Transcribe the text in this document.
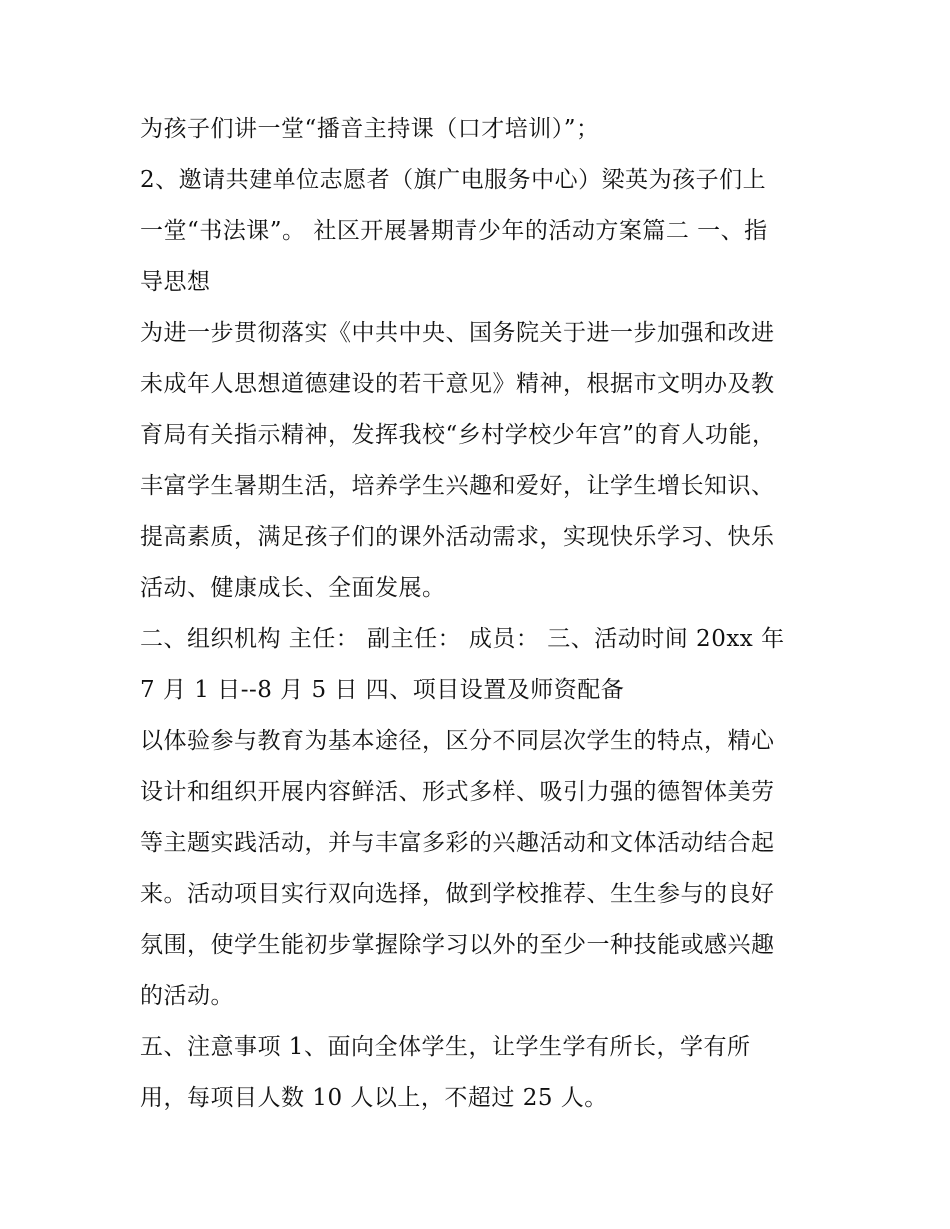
为孩子们讲一堂“播音主持课（口才培训）”；
2、邀请共建单位志愿者（旗广电服务中心）梁英为孩子们上
一堂“书法课”。 社区开展暑期青少年的活动方案篇二 一、指
导思想
为进一步贯彻落实《中共中央、国务院关于进一步加强和改进
未成年人思想道德建设的若干意见》精神，根据市文明办及教
育局有关指示精神，发挥我校“乡村学校少年宫”的育人功能，
丰富学生暑期生活，培养学生兴趣和爱好，让学生增长知识、
提高素质，满足孩子们的课外活动需求，实现快乐学习、快乐
活动、健康成长、全面发展。
二、组织机构 主任： 副主任： 成员： 三、活动时间 20xx 年
7 月 1 日--8 月 5 日 四、项目设置及师资配备
以体验参与教育为基本途径，区分不同层次学生的特点，精心
设计和组织开展内容鲜活、形式多样、吸引力强的德智体美劳
等主题实践活动，并与丰富多彩的兴趣活动和文体活动结合起
来。活动项目实行双向选择，做到学校推荐、生生参与的良好
氛围，使学生能初步掌握除学习以外的至少一种技能或感兴趣
的活动。
五、注意事项 1、面向全体学生，让学生学有所长，学有所
用，每项目人数 10 人以上，不超过 25 人。
